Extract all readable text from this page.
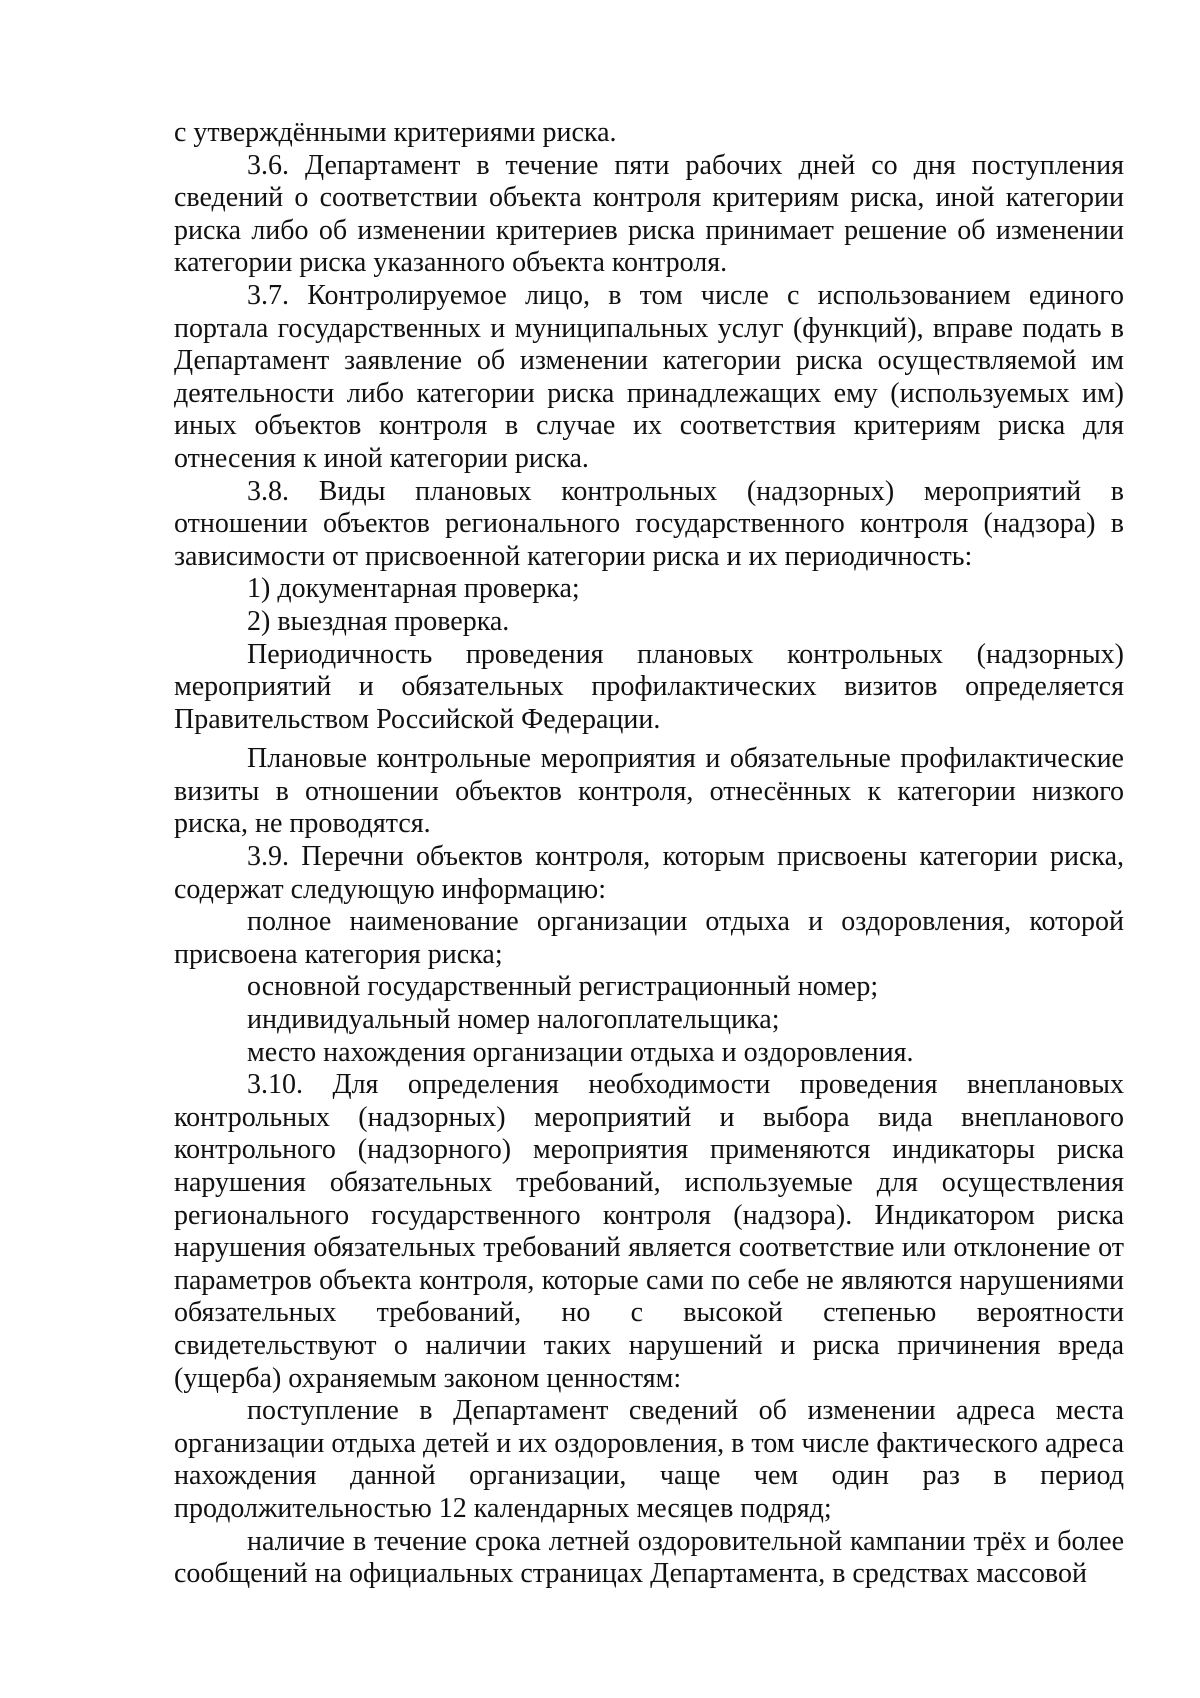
с утверждёнными критериями риска.

3.6. Департамент в течение пяти рабочих дней со дня поступления сведений о соответствии объекта контроля критериям риска, иной категории риска либо об изменении критериев риска принимает решение об изменении категории риска указанного объекта контроля.

3.7. Контролируемое лицо, в том числе с использованием единого портала государственных и муниципальных услуг (функций), вправе подать в Департамент заявление об изменении категории риска осуществляемой им деятельности либо категории риска принадлежащих ему (используемых им) иных объектов контроля в случае их соответствия критериям риска для отнесения к иной категории риска.

3.8. Виды плановых контрольных (надзорных) мероприятий в отношении объектов регионального государственного контроля (надзора) в зависимости от присвоенной категории риска и их периодичность:

1) документарная проверка;

2) выездная проверка.

Периодичность проведения плановых контрольных (надзорных) мероприятий и обязательных профилактических визитов определяется Правительством Российской Федерации.

Плановые контрольные мероприятия и обязательные профилактические визиты в отношении объектов контроля, отнесённых к категории низкого риска, не проводятся.

3.9. Перечни объектов контроля, которым присвоены категории риска, содержат следующую информацию:

полное наименование организации отдыха и оздоровления, которой присвоена категория риска;

основной государственный регистрационный номер;

индивидуальный номер налогоплательщика;

место нахождения организации отдыха и оздоровления.

3.10. Для определения необходимости проведения внеплановых контрольных (надзорных) мероприятий и выбора вида внепланового контрольного (надзорного) мероприятия применяются индикаторы риска нарушения обязательных требований, используемые для осуществления регионального государственного контроля (надзора). Индикатором риска нарушения обязательных требований является соответствие или отклонение от параметров объекта контроля, которые сами по себе не являются нарушениями обязательных требований, но с высокой степенью вероятности свидетельствуют о наличии таких нарушений и риска причинения вреда (ущерба) охраняемым законом ценностям:

поступление в Департамент сведений об изменении адреса места организации отдыха детей и их оздоровления, в том числе фактического адреса нахождения данной организации, чаще чем один раз в период продолжительностью 12 календарных месяцев подряд;

наличие в течение срока летней оздоровительной кампании трёх и более сообщений на официальных страницах Департамента, в средствах массовой
